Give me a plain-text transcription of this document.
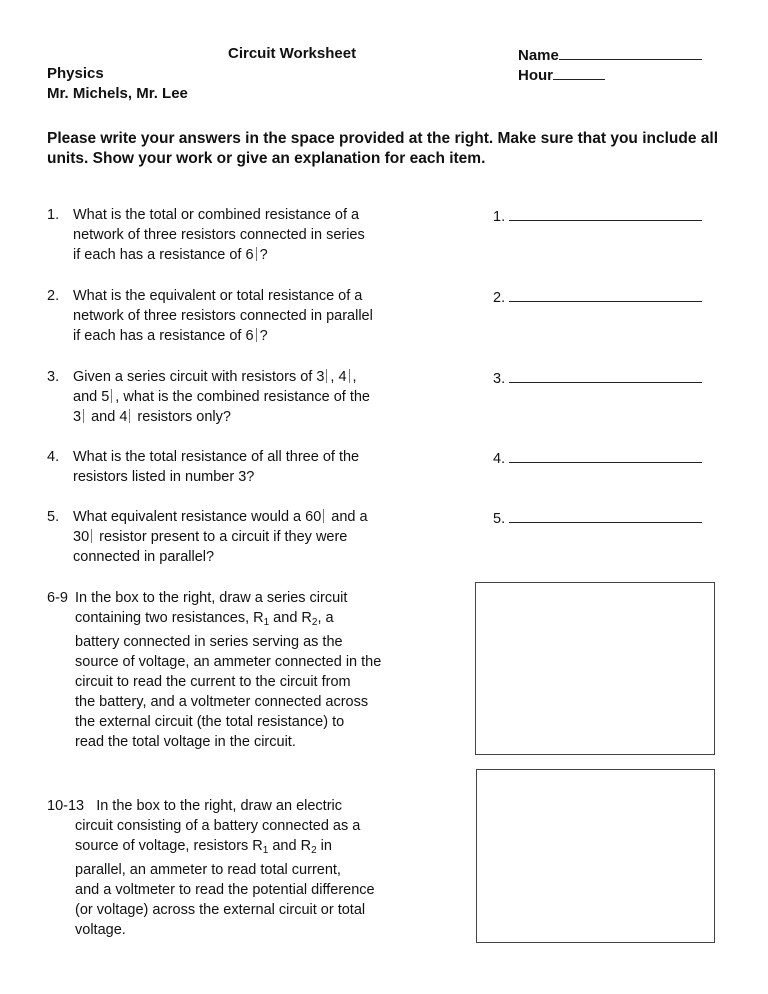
Circuit Worksheet
Physics
Mr. Michels, Mr. Lee
Name
Hour
Please write your answers in the space provided at the right. Make sure that you include all units. Show your work or give an explanation for each item.
1. What is the total or combined resistance of a
network of three resistors connected in series
if each has a resistance of 6 ?
1.
2. What is the equivalent or total resistance of a
network of three resistors connected in parallel
if each has a resistance of 6 ?
2.
3. Given a series circuit with resistors of 3 , 4 ,
and 5 , what is the combined resistance of the
3 and 4 resistors only?
3.
4. What is the total resistance of all three of the
resistors listed in number 3?
4.
5. What equivalent resistance would a 60 and a
30 resistor present to a circuit if they were
connected in parallel?
5.
6-9 In the box to the right, draw a series circuit
containing two resistances, $R_1$ and $R_2$, a
battery connected in series serving as the
source of voltage, an ammeter connected in the
circuit to read the current to the circuit from
the battery, and a voltmeter connected across
the external circuit (the total resistance) to
read the total voltage in the circuit.
10-13 In the box to the right, draw an electric
circuit consisting of a battery connected as a
source of voltage, resistors $R_1$ and $R_2$ in
parallel, an ammeter to read total current,
and a voltmeter to read the potential difference
(or voltage) across the external circuit or total
voltage.
